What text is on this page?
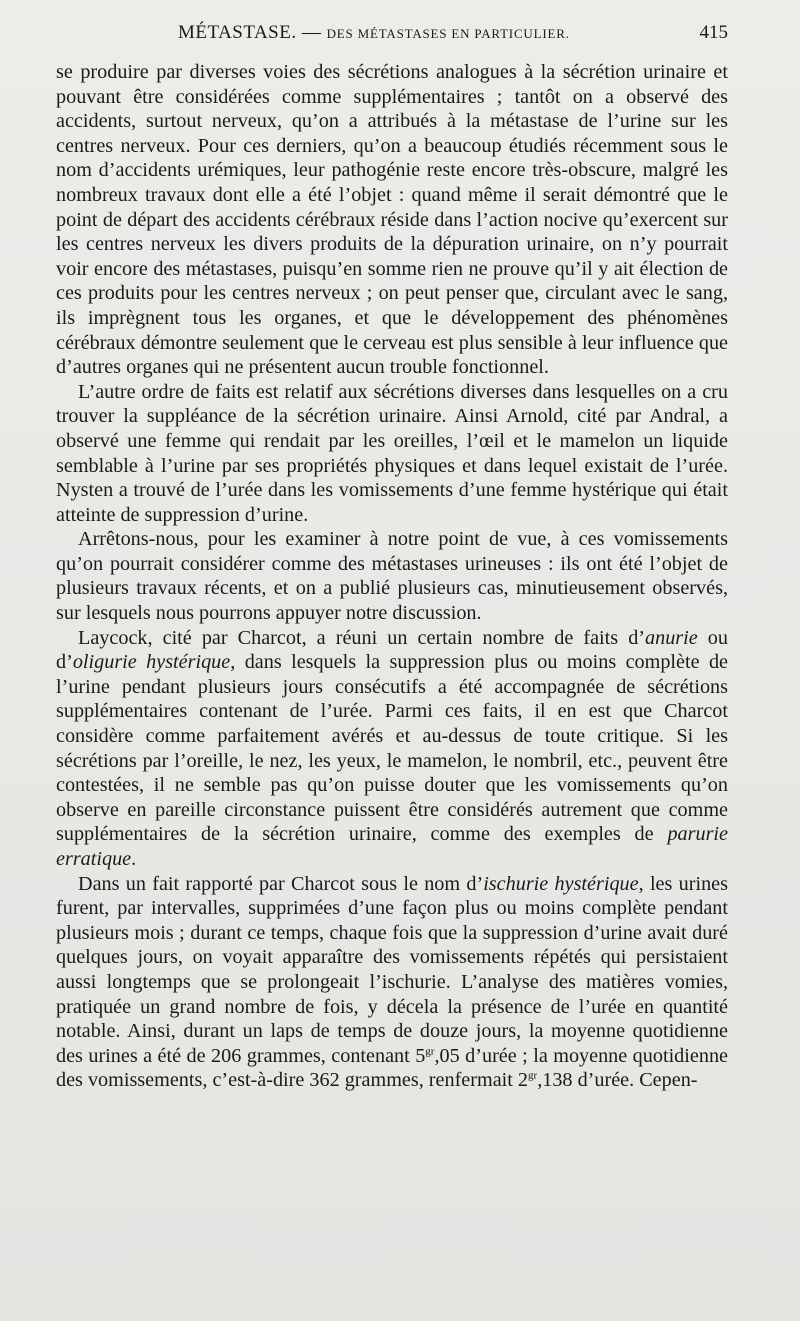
MÉTASTASE. — DES MÉTASTASES EN PARTICULIER.	415

se produire par diverses voies des sécrétions analogues à la sécrétion urinaire et pouvant être considérées comme supplémentaires ; tantôt on a observé des accidents, surtout nerveux, qu’on a attribués à la métastase de l’urine sur les centres nerveux. Pour ces derniers, qu’on a beaucoup étudiés récemment sous le nom d’accidents urémiques, leur pathogénie reste encore très-obscure, malgré les nombreux travaux dont elle a été l’objet : quand même il serait démontré que le point de départ des accidents cérébraux réside dans l’action nocive qu’exercent sur les centres nerveux les divers produits de la dépuration urinaire, on n’y pourrait voir encore des métastases, puisqu’en somme rien ne prouve qu’il y ait élection de ces produits pour les centres nerveux ; on peut penser que, circulant avec le sang, ils imprègnent tous les organes, et que le développement des phénomènes cérébraux démontre seulement que le cerveau est plus sensible à leur influence que d’autres organes qui ne présentent aucun trouble fonctionnel.

L’autre ordre de faits est relatif aux sécrétions diverses dans lesquelles on a cru trouver la suppléance de la sécrétion urinaire. Ainsi Arnold, cité par Andral, a observé une femme qui rendait par les oreilles, l’œil et le mamelon un liquide semblable à l’urine par ses propriétés physiques et dans lequel existait de l’urée. Nysten a trouvé de l’urée dans les vomissements d’une femme hystérique qui était atteinte de suppression d’urine.

Arrêtons-nous, pour les examiner à notre point de vue, à ces vomissements qu’on pourrait considérer comme des métastases urineuses : ils ont été l’objet de plusieurs travaux récents, et on a publié plusieurs cas, minutieusement observés, sur lesquels nous pourrons appuyer notre discussion.

Laycock, cité par Charcot, a réuni un certain nombre de faits d’anurie ou d’oligurie hystérique, dans lesquels la suppression plus ou moins complète de l’urine pendant plusieurs jours consécutifs a été accompagnée de sécrétions supplémentaires contenant de l’urée. Parmi ces faits, il en est que Charcot considère comme parfaitement avérés et au-dessus de toute critique. Si les sécrétions par l’oreille, le nez, les yeux, le mamelon, le nombril, etc., peuvent être contestées, il ne semble pas qu’on puisse douter que les vomissements qu’on observe en pareille circonstance puissent être considérés autrement que comme supplémentaires de la sécrétion urinaire, comme des exemples de parurie erratique.

Dans un fait rapporté par Charcot sous le nom d’ischurie hystérique, les urines furent, par intervalles, supprimées d’une façon plus ou moins complète pendant plusieurs mois ; durant ce temps, chaque fois que la suppression d’urine avait duré quelques jours, on voyait apparaître des vomissements répétés qui persistaient aussi longtemps que se prolongeait l’ischurie. L’analyse des matières vomies, pratiquée un grand nombre de fois, y décela la présence de l’urée en quantité notable. Ainsi, durant un laps de temps de douze jours, la moyenne quotidienne des urines a été de 206 grammes, contenant $5^{gr},05$ d’urée ; la moyenne quotidienne des vomissements, c’est-à-dire 362 grammes, renfermait $2^{gr},138$ d’urée. Cepen-
